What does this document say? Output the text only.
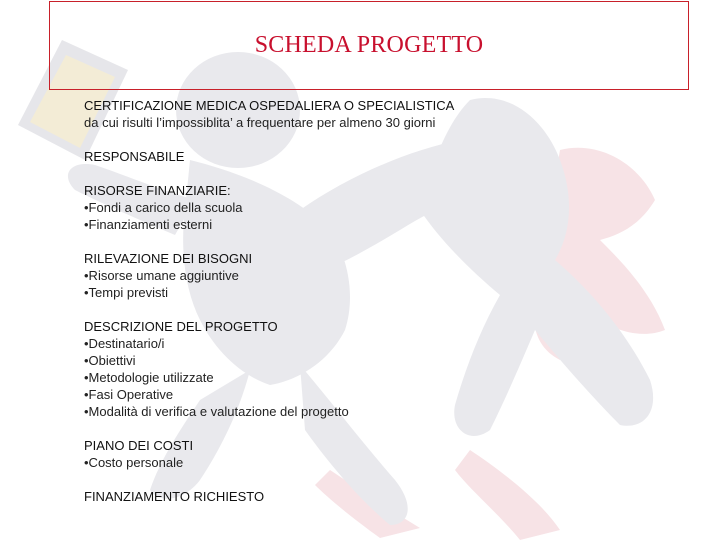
SCHEDA PROGETTO
CERTIFICAZIONE MEDICA OSPEDALIERA O SPECIALISTICA
da cui risulti l’impossiblita’ a frequentare per almeno 30 giorni
RESPONSABILE
RISORSE FINANZIARIE:
•Fondi a carico della scuola
•Finanziamenti esterni
RILEVAZIONE DEI BISOGNI
•Risorse umane aggiuntive
•Tempi previsti
DESCRIZIONE DEL PROGETTO
•Destinatario/i
•Obiettivi
•Metodologie utilizzate
•Fasi Operative
•Modalità di verifica e valutazione del progetto
PIANO DEI COSTI
•Costo personale
FINANZIAMENTO RICHIESTO
